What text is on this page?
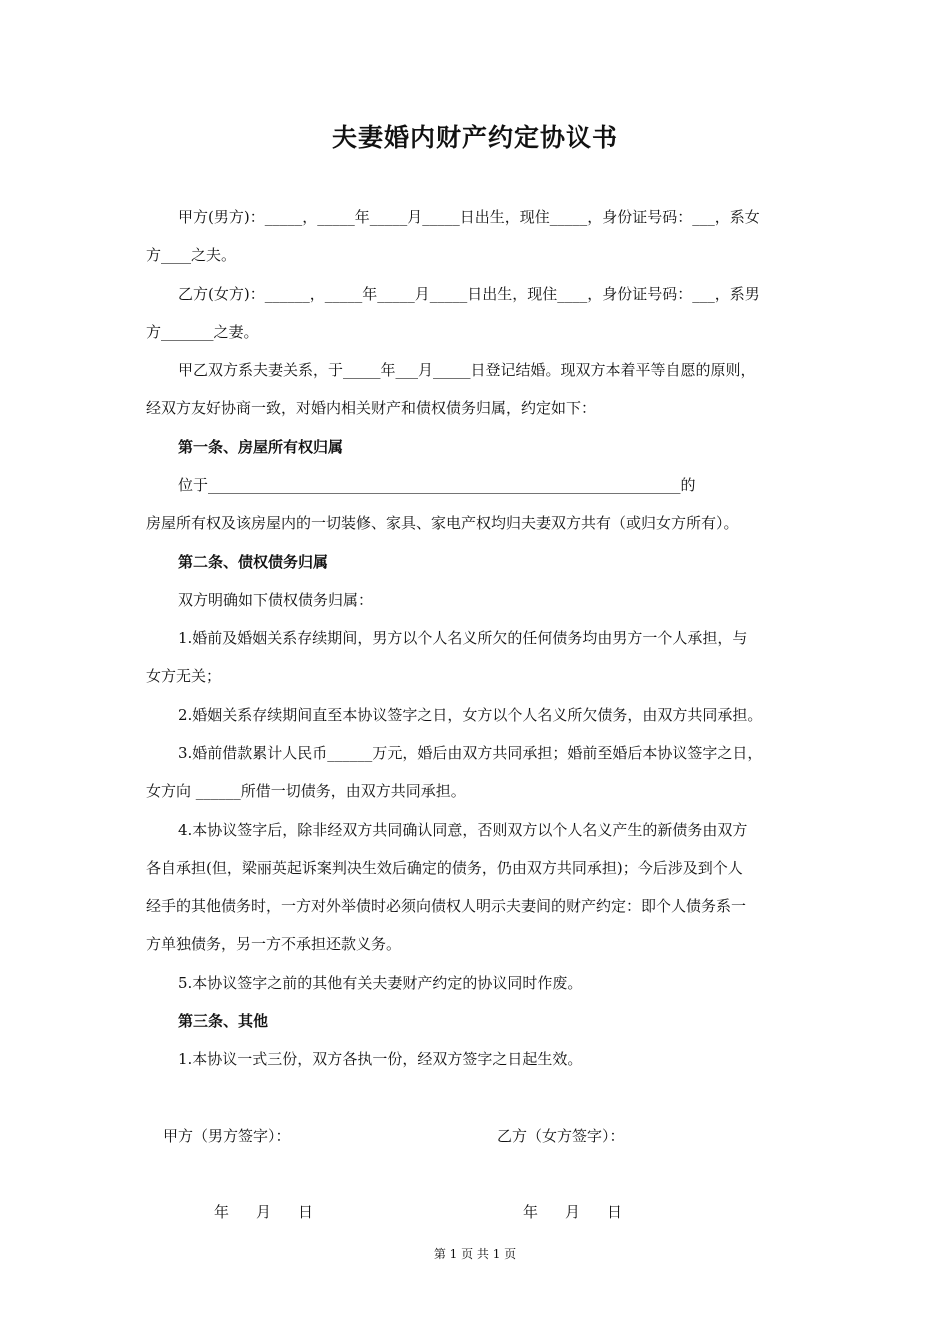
夫妻婚内财产约定协议书
甲方(男方)：_____，_____年_____月_____日出生，现住_____，身份证号码：___，系女
方____之夫。
乙方(女方)：______，_____年_____月_____日出生，现住____，身份证号码：___，系男
方_______之妻。
甲乙双方系夫妻关系，于_____年___月_____日登记结婚。现双方本着平等自愿的原则，
经双方友好协商一致，对婚内相关财产和债权债务归属，约定如下：
第一条、房屋所有权归属
位于_______________________________________________________________的
房屋所有权及该房屋内的一切装修、家具、家电产权均归夫妻双方共有（或归女方所有）。
第二条、债权债务归属
双方明确如下债权债务归属：
1.婚前及婚姻关系存续期间，男方以个人名义所欠的任何债务均由男方一个人承担，与
女方无关；
2.婚姻关系存续期间直至本协议签字之日，女方以个人名义所欠债务，由双方共同承担。
3.婚前借款累计人民币______万元，婚后由双方共同承担；婚前至婚后本协议签字之日，
女方向 ______所借一切债务，由双方共同承担。
4.本协议签字后，除非经双方共同确认同意，否则双方以个人名义产生的新债务由双方
各自承担(但，梁丽英起诉案判决生效后确定的债务，仍由双方共同承担)；今后涉及到个人
经手的其他债务时，一方对外举债时必须向债权人明示夫妻间的财产约定：即个人债务系一
方单独债务，另一方不承担还款义务。
5.本协议签字之前的其他有关夫妻财产约定的协议同时作废。
第三条、其他
1.本协议一式三份，双方各执一份，经双方签字之日起生效。
甲方（男方签字）：	乙方（女方签字）：
年 月 日	年 月 日
第 1 页 共 1 页
